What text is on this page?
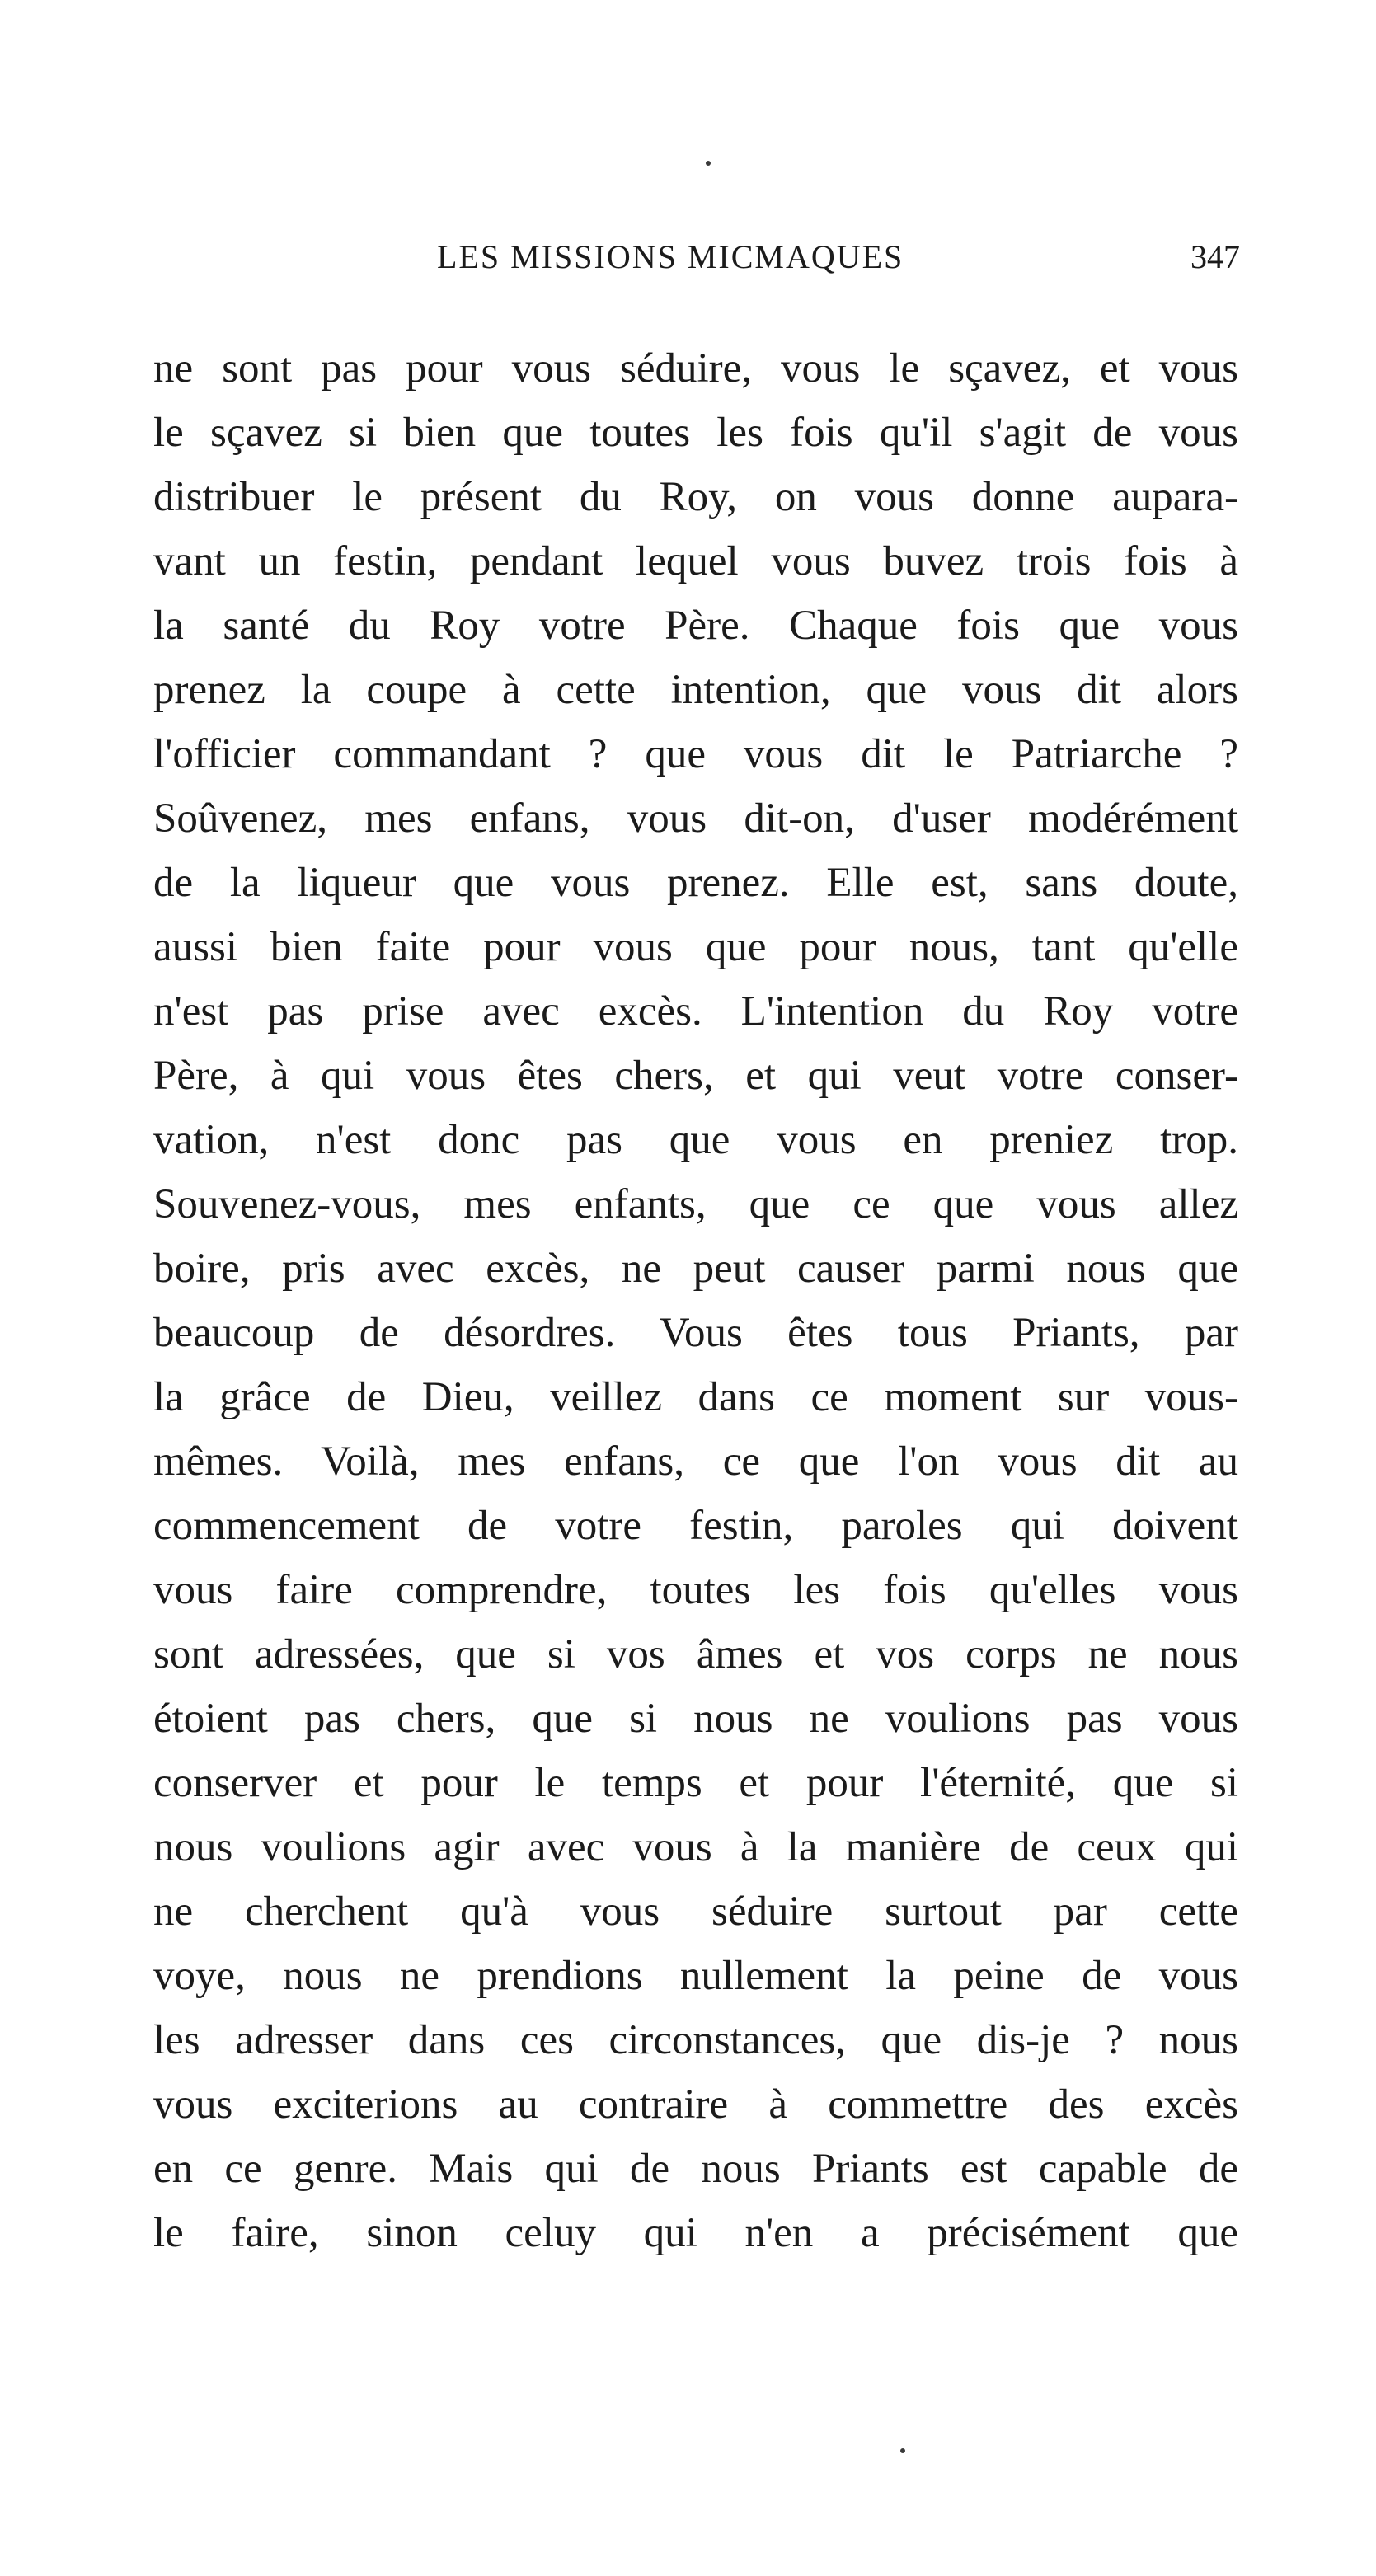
LES MISSIONS MICMAQUES	347
ne sont pas pour vous séduire, vous le sçavez, et vous
le sçavez si bien que toutes les fois qu'il s'agit de vous
distribuer le présent du Roy, on vous donne aupara-
vant un festin, pendant lequel vous buvez trois fois à
la santé du Roy votre Père. Chaque fois que vous
prenez la coupe à cette intention, que vous dit alors
l'officier commandant ? que vous dit le Patriarche ?
Soûvenez, mes enfans, vous dit-on, d'user modérément
de la liqueur que vous prenez. Elle est, sans doute,
aussi bien faite pour vous que pour nous, tant qu'elle
n'est pas prise avec excès. L'intention du Roy votre
Père, à qui vous êtes chers, et qui veut votre conser-
vation, n'est donc pas que vous en preniez trop.
Souvenez-vous, mes enfants, que ce que vous allez
boire, pris avec excès, ne peut causer parmi nous que
beaucoup de désordres. Vous êtes tous Priants, par
la grâce de Dieu, veillez dans ce moment sur vous-
mêmes. Voilà, mes enfans, ce que l'on vous dit au
commencement de votre festin, paroles qui doivent
vous faire comprendre, toutes les fois qu'elles vous
sont adressées, que si vos âmes et vos corps ne nous
étoient pas chers, que si nous ne voulions pas vous
conserver et pour le temps et pour l'éternité, que si
nous voulions agir avec vous à la manière de ceux qui
ne cherchent qu'à vous séduire surtout par cette
voye, nous ne prendions nullement la peine de vous
les adresser dans ces circonstances, que dis-je ? nous
vous exciterions au contraire à commettre des excès
en ce genre. Mais qui de nous Priants est capable de
le faire, sinon celuy qui n'en a précisément que
